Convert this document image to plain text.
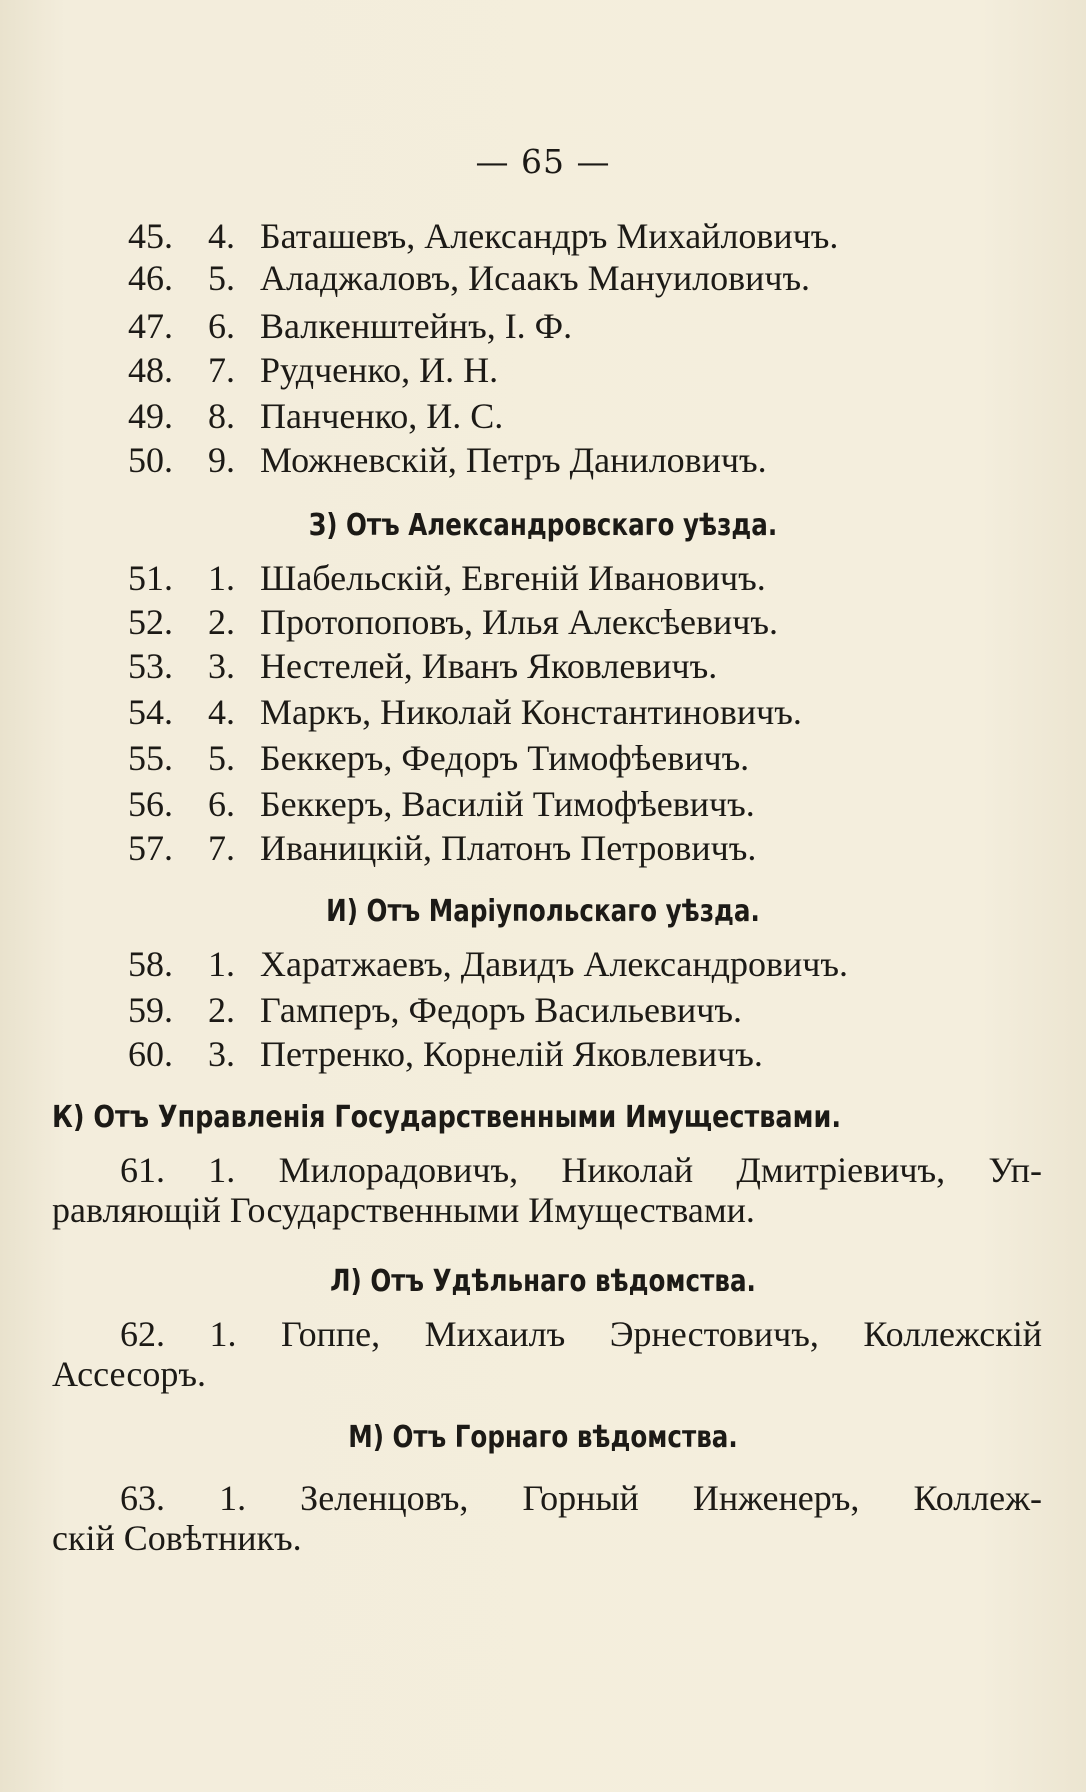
— 65 —
45. 4. Баташевъ, Александръ Михайловичъ.
46. 5. Аладжаловъ, Исаакъ Мануиловичъ.
47. 6. Валкенштейнъ, І. Ф.
48. 7. Рудченко, И. Н.
49. 8. Панченко, И. С.
50. 9. Можневскій, Петръ Даниловичъ.
З) Отъ Александровскаго уѣзда.
51. 1. Шабельскій, Евгеній Ивановичъ.
52. 2. Протопоповъ, Илья Алексѣевичъ.
53. 3. Нестелей, Иванъ Яковлевичъ.
54. 4. Маркъ, Николай Константиновичъ.
55. 5. Беккеръ, Федоръ Тимофѣевичъ.
56. 6. Беккеръ, Василій Тимофѣевичъ.
57. 7. Иваницкій, Платонъ Петровичъ.
И) Отъ Маріупольскаго уѣзда.
58. 1. Харатжаевъ, Давидъ Александровичъ.
59. 2. Гамперъ, Федоръ Васильевичъ.
60. 3. Петренко, Корнелій Яковлевичъ.
К) Отъ Управленія Государственными Имуществами.
61. 1. Милорадовичъ, Николай Дмитріевичъ, Уп-
равляющій Государственными Имуществами.
Л) Отъ Удѣльнаго вѣдомства.
62. 1. Гоппе, Михаилъ Эрнестовичъ, Коллежскій
Ассесоръ.
М) Отъ Горнаго вѣдомства.
63. 1. Зеленцовъ, Горный Инженеръ, Коллеж-
скій Совѣтникъ.
